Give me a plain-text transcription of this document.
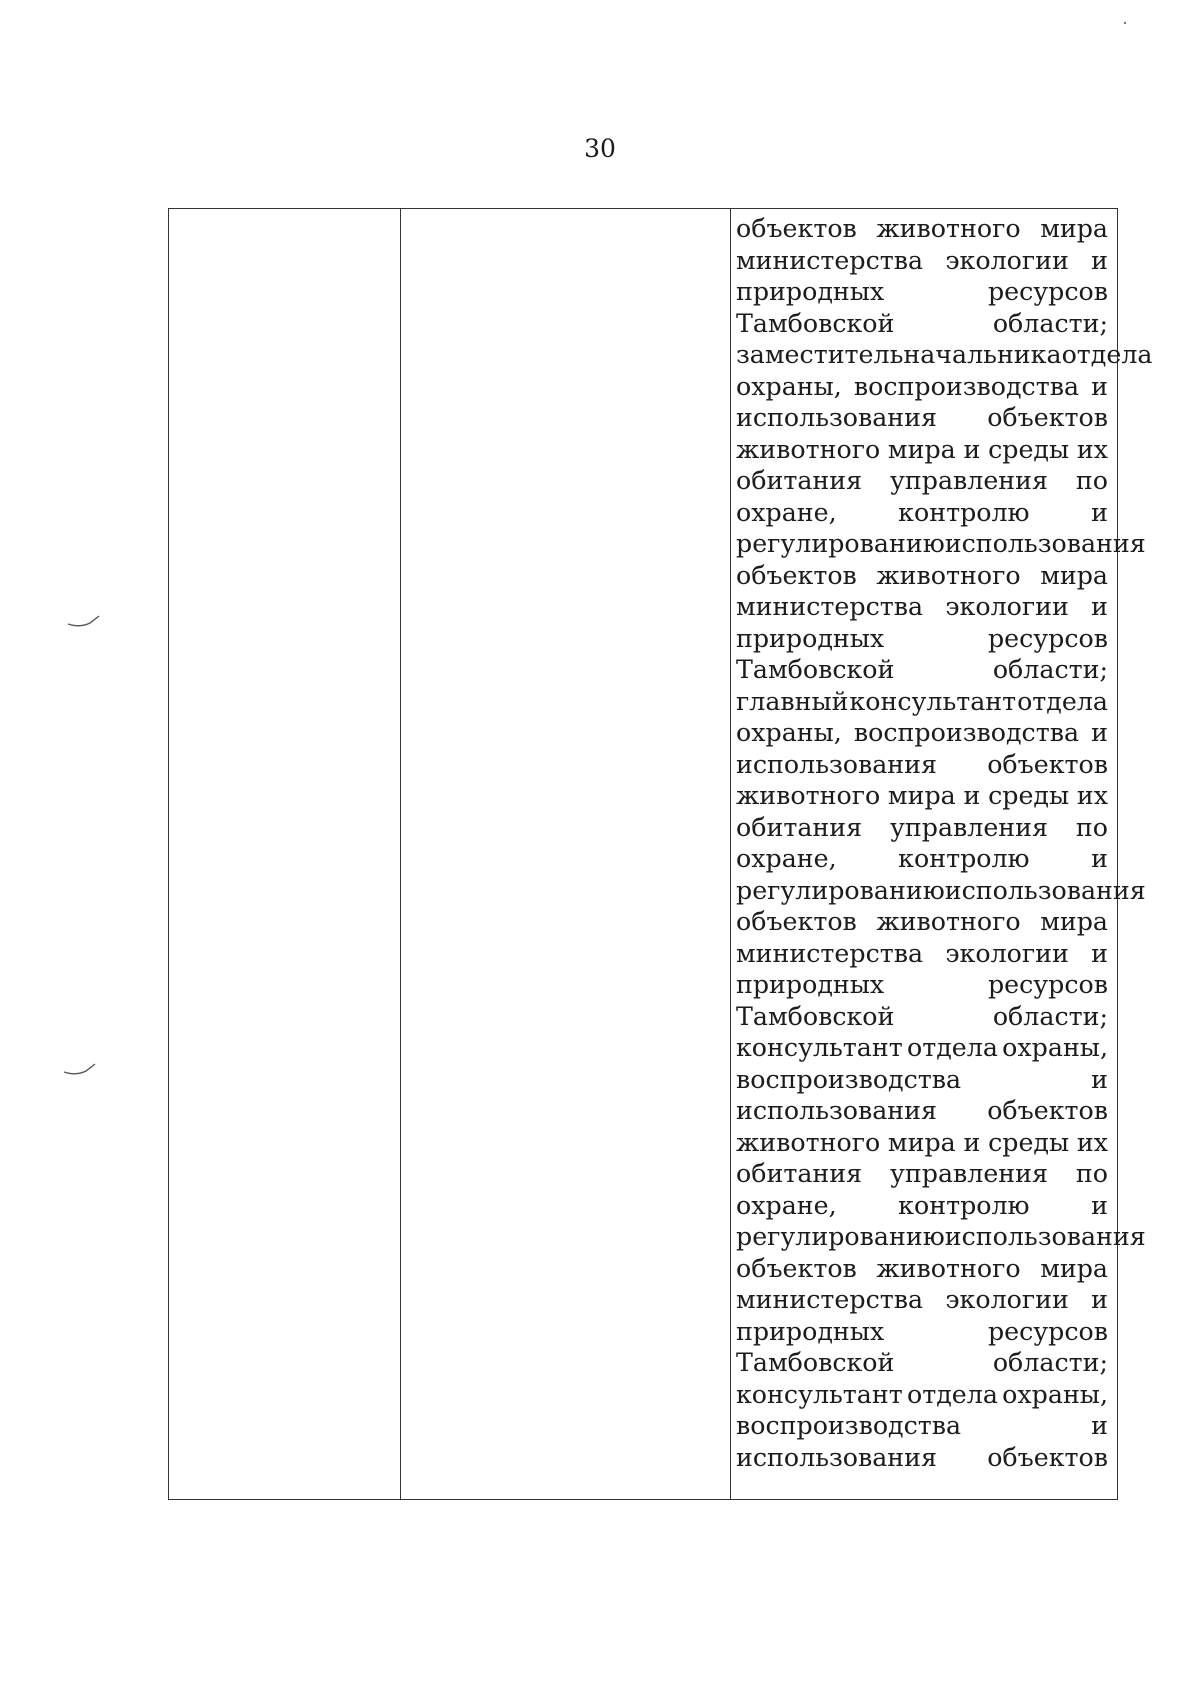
30
объектов животного мира
министерства экологии и
природных	ресурсов
Тамбовской	области;
заместитель начальника отдела
охраны, воспроизводства и
использования объектов
животного мира и среды их
обитания управления по
охране, контролю и
регулированию использования
объектов животного мира
министерства экологии и
природных	ресурсов
Тамбовской	области;
главный консультант отдела
охраны, воспроизводства и
использования объектов
животного мира и среды их
обитания управления по
охране, контролю и
регулированию использования
объектов животного мира
министерства экологии и
природных	ресурсов
Тамбовской	области;
консультант отдела охраны,
воспроизводства	и
использования объектов
животного мира и среды их
обитания управления по
охране, контролю и
регулированию использования
объектов животного мира
министерства экологии и
природных	ресурсов
Тамбовской	области;
консультант отдела охраны,
воспроизводства	и
использования объектов
